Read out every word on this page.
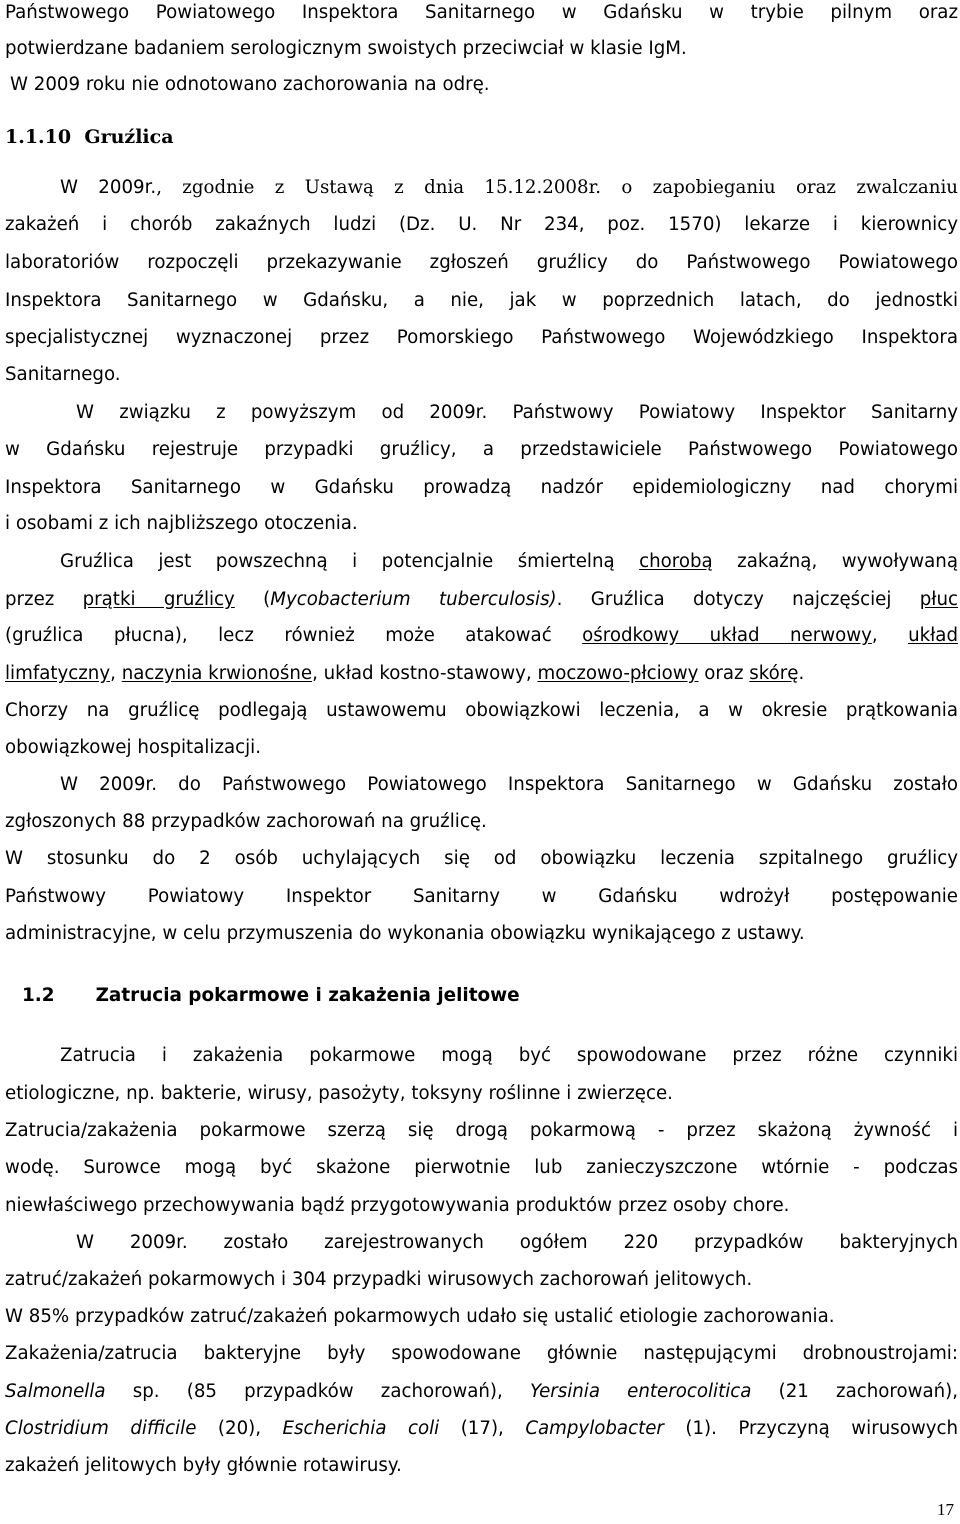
Państwowego Powiatowego Inspektora Sanitarnego w Gdańsku w trybie pilnym oraz
potwierdzane badaniem serologicznym swoistych przeciwciał w klasie IgM.
W 2009 roku nie odnotowano zachorowania na odrę.
1.1.10 Gruźlica
W 2009r., zgodnie z Ustawą z dnia 15.12.2008r. o zapobieganiu oraz zwalczaniu
zakażeń i chorób zakaźnych ludzi (Dz. U. Nr 234, poz. 1570) lekarze i kierownicy
laboratoriów rozpoczęli przekazywanie zgłoszeń gruźlicy do Państwowego Powiatowego
Inspektora Sanitarnego w Gdańsku, a nie, jak w poprzednich latach, do jednostki
specjalistycznej wyznaczonej przez Pomorskiego Państwowego Wojewódzkiego Inspektora
Sanitarnego.
W związku z powyższym od 2009r. Państwowy Powiatowy Inspektor Sanitarny
w Gdańsku rejestruje przypadki gruźlicy, a przedstawiciele Państwowego Powiatowego
Inspektora Sanitarnego w Gdańsku prowadzą nadzór epidemiologiczny nad chorymi
i osobami z ich najbliższego otoczenia.
Gruźlica jest powszechną i potencjalnie śmiertelną chorobą zakaźną, wywoływaną
przez prątki gruźlicy (Mycobacterium tuberculosis). Gruźlica dotyczy najczęściej płuc
(gruźlica płucna), lecz również może atakować ośrodkowy układ nerwowy, układ
limfatyczny, naczynia krwionośne, układ kostno-stawowy, moczowo-płciowy oraz skórę.
Chorzy na gruźlicę podlegają ustawowemu obowiązkowi leczenia, a w okresie prątkowania
obowiązkowej hospitalizacji.
W 2009r. do Państwowego Powiatowego Inspektora Sanitarnego w Gdańsku zostało
zgłoszonych 88 przypadków zachorowań na gruźlicę.
W stosunku do 2 osób uchylających się od obowiązku leczenia szpitalnego gruźlicy
Państwowy Powiatowy Inspektor Sanitarny w Gdańsku wdrożył postępowanie
administracyjne, w celu przymuszenia do wykonania obowiązku wynikającego z ustawy.
1.2 Zatrucia pokarmowe i zakażenia jelitowe
Zatrucia i zakażenia pokarmowe mogą być spowodowane przez różne czynniki
etiologiczne, np. bakterie, wirusy, pasożyty, toksyny roślinne i zwierzęce.
Zatrucia/zakażenia pokarmowe szerzą się drogą pokarmową - przez skażoną żywność i
wodę. Surowce mogą być skażone pierwotnie lub zanieczyszczone wtórnie - podczas
niewłaściwego przechowywania bądź przygotowywania produktów przez osoby chore.
W 2009r. zostało zarejestrowanych ogółem 220 przypadków bakteryjnych
zatruć/zakażeń pokarmowych i 304 przypadki wirusowych zachorowań jelitowych.
W 85% przypadków zatruć/zakażeń pokarmowych udało się ustalić etiologie zachorowania.
Zakażenia/zatrucia bakteryjne były spowodowane głównie następującymi drobnoustrojami:
Salmonella sp. (85 przypadków zachorowań), Yersinia enterocolitica (21 zachorowań),
Clostridium difficile (20), Escherichia coli (17), Campylobacter (1). Przyczyną wirusowych
zakażeń jelitowych były głównie rotawirusy.
17
